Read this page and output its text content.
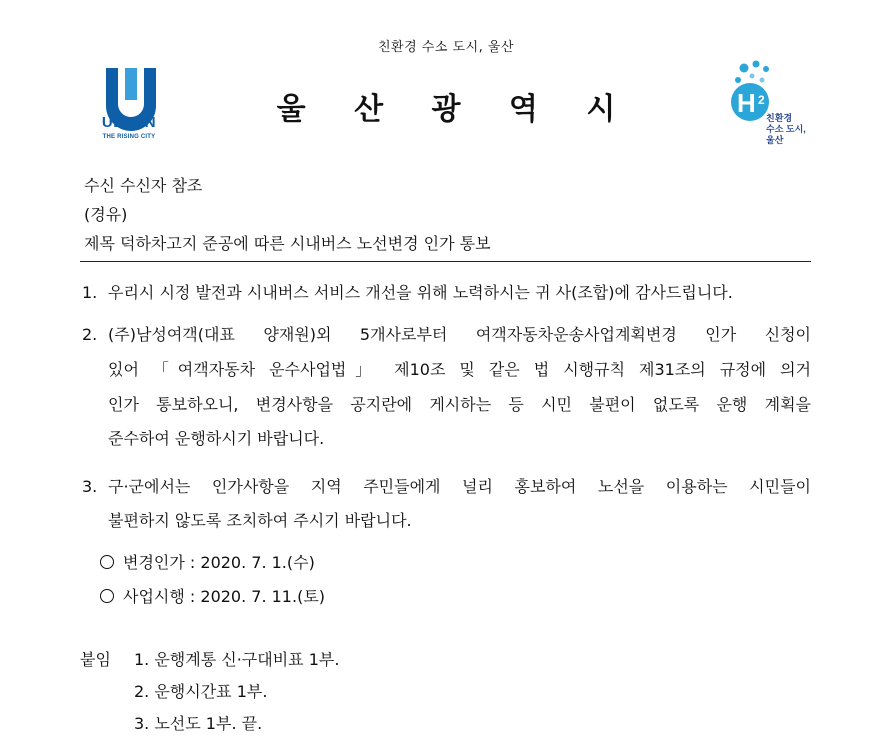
친환경 수소 도시, 울산
울 산 광 역 시
ULSAN
THE RISING CITY
H 2
친환경
수소 도시,
울산
수신 수신자 참조
(경유)
제목 덕하차고지 준공에 따른 시내버스 노선변경 인가 통보
1. 우리시 시정 발전과 시내버스 서비스 개선을 위해 노력하시는 귀 사(조합)에 감사드립니다.
2. (주)남성여객(대표 양재원)외 5개사로부터 여객자동차운송사업계획변경 인가 신청이
있어 「여객자동차 운수사업법」 제10조 및 같은 법 시행규칙 제31조의 규정에 의거
인가 통보하오니, 변경사항을 공지란에 게시하는 등 시민 불편이 없도록 운행 계획을
준수하여 운행하시기 바랍니다.
3. 구·군에서는 인가사항을 지역 주민들에게 널리 홍보하여 노선을 이용하는 시민들이
불편하지 않도록 조치하여 주시기 바랍니다.
변경인가 : 2020. 7. 1.(수)
사업시행 : 2020. 7. 11.(토)
붙임 1. 운행계통 신·구대비표 1부.
2. 운행시간표 1부.
3. 노선도 1부. 끝.
